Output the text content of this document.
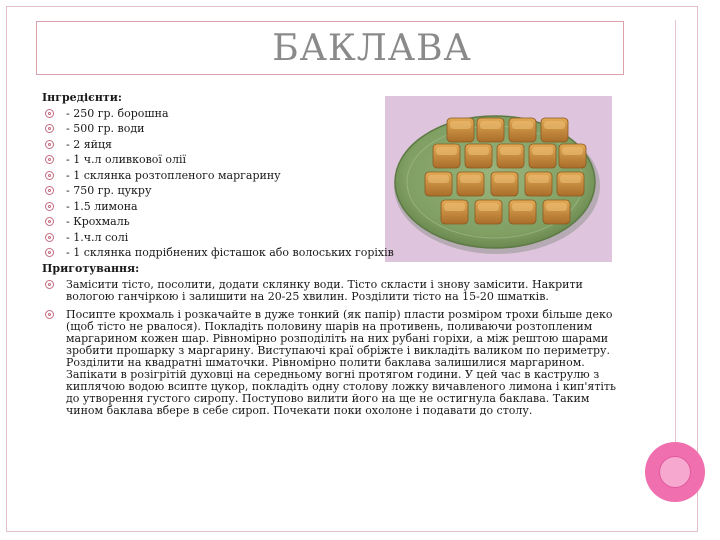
БАКЛАВА
Інгредієнти:
- 250 гр. борошна
- 500 гр. води
- 2 яйця
- 1 ч.л оливкової олії
- 1 склянка розтопленого маргарину
- 750 гр. цукру
- 1.5 лимона
- Крохмаль
- 1.ч.л солі
- 1 склянка подрібнених фісташок або волоських горіхів
Приготування:
Замісити тісто, посолити, додати склянку води. Тісто скласти і знову замісити. Накрити вологою ганчіркою і залишити на 20-25 хвилин. Розділити тісто на 15-20 шматків.
Посипте крохмаль і розкачайте в дуже тонкий (як папір) пласти розміром трохи більше деко (щоб тісто не рвалося). Покладіть половину шарів на противень, поливаючи розтопленим маргарином кожен шар. Рівномірно розподіліть на них рубані горіхи, а між рештою шарами зробити прошарку з маргарину. Виступаючі краї обріжте і викладіть валиком по периметру. Розділити на квадратні шматочки. Рівномірно полити баклава залишилися маргарином. Запікати в розігрітій духовці на середньому вогні протягом години. У цей час в каструлю з киплячою водою всипте цукор, покладіть одну столову ложку вичавленого лимона і кип'ятіть до утворення густого сиропу. Поступово вилити його на ще не остигнула баклава. Таким чином баклава вбере в себе сироп. Почекати поки охолоне і подавати до столу.
